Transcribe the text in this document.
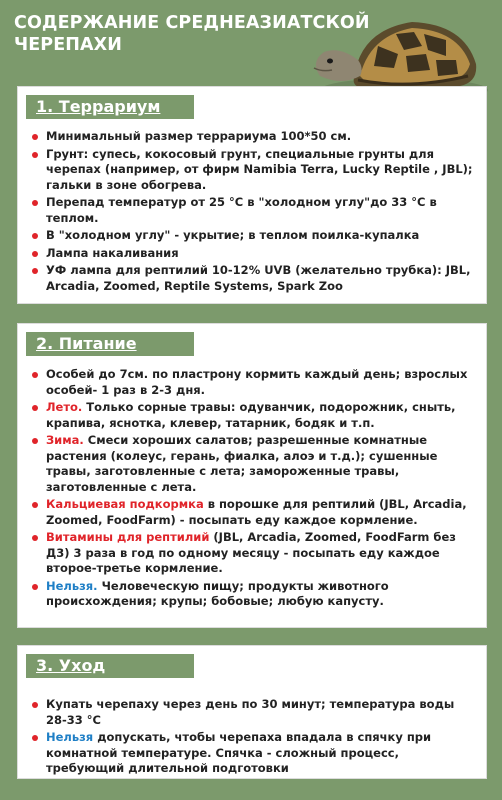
СОДЕРЖАНИЕ СРЕДНЕАЗИАТСКОЙ ЧЕРЕПАХИ
1. Террариум
Минимальный размер террариума 100*50 см.
Грунт: супесь, кокосовый грунт, специальные грунты для черепах (например, от фирм Namibia Terra, Lucky Reptile , JBL); гальки в зоне обогрева.
Перепад температур от 25 °С в "холодном углу"до 33 °С в теплом.
В "холодном углу" - укрытие; в теплом поилка-купалка
Лампа накаливания
УФ лампа для рептилий 10-12% UVB (желательно трубка): JBL, Arcadia, Zoomed, Reptile Systems, Spark Zoo
2. Питание
Особей до 7см. по пластрону кормить каждый день; взрослых особей- 1 раз в 2-3 дня.
Лето. Только сорные травы: одуванчик, подорожник, сныть, крапива, ясноткa, клевер, татарник, бодяк и т.п.
Зима. Смеси хороших салатов; разрешенные комнатные растения (колеус, герань, фиалка, алоэ и т.д.); сушенные травы, заготовленные с лета; замороженные травы, заготовленные с лета.
Кальциевая подкормка в порошке для рептилий (JBL, Arcadia, Zoomed, FoodFarm) - посыпать еду каждое кормление.
Витамины для рептилий (JBL, Arcadia, Zoomed, FoodFarm без Д3) 3 раза в год по одному месяцу - посыпать еду каждое второе-третье кормление.
Нельзя. Человеческую пищу; продукты животного происхождения; крупы; бобовые; любую капусту.
3. Уход
Купать черепаху через день по 30 минут; температура воды 28-33 °С
Нельзя допускать, чтобы черепаха впадала в спячку при комнатной температуре. Спячка - сложный процесс, требующий длительной подготовки
